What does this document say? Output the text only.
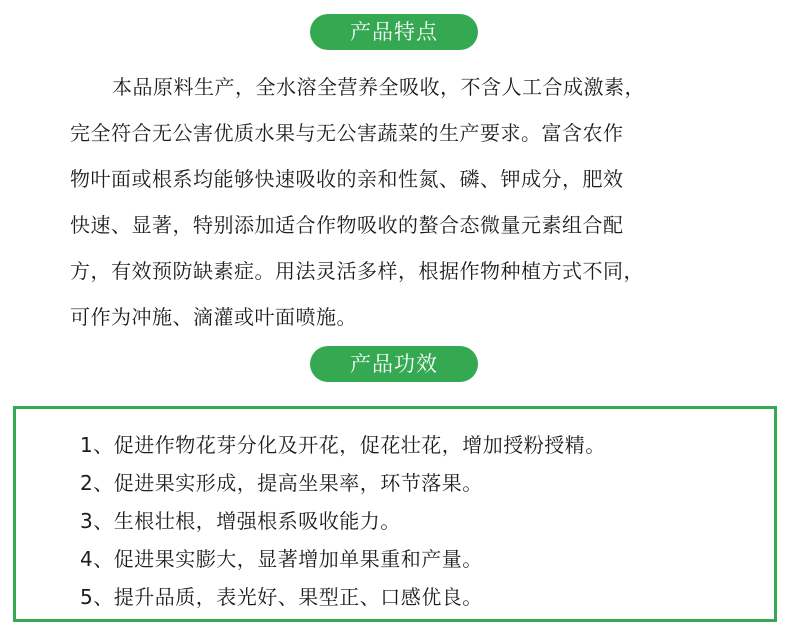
产品特点
本品原料生产，全水溶全营养全吸收，不含人工合成激素，
完全符合无公害优质水果与无公害蔬菜的生产要求。富含农作
物叶面或根系均能够快速吸收的亲和性氮、磷、钾成分，肥效
快速、显著，特别添加适合作物吸收的螯合态微量元素组合配
方，有效预防缺素症。用法灵活多样，根据作物种植方式不同，
可作为冲施、滴灌或叶面喷施。
产品功效
1、促进作物花芽分化及开花，促花壮花，增加授粉授精。
2、促进果实形成，提高坐果率，环节落果。
3、生根壮根，增强根系吸收能力。
4、促进果实膨大，显著增加单果重和产量。
5、提升品质，表光好、果型正、口感优良。
